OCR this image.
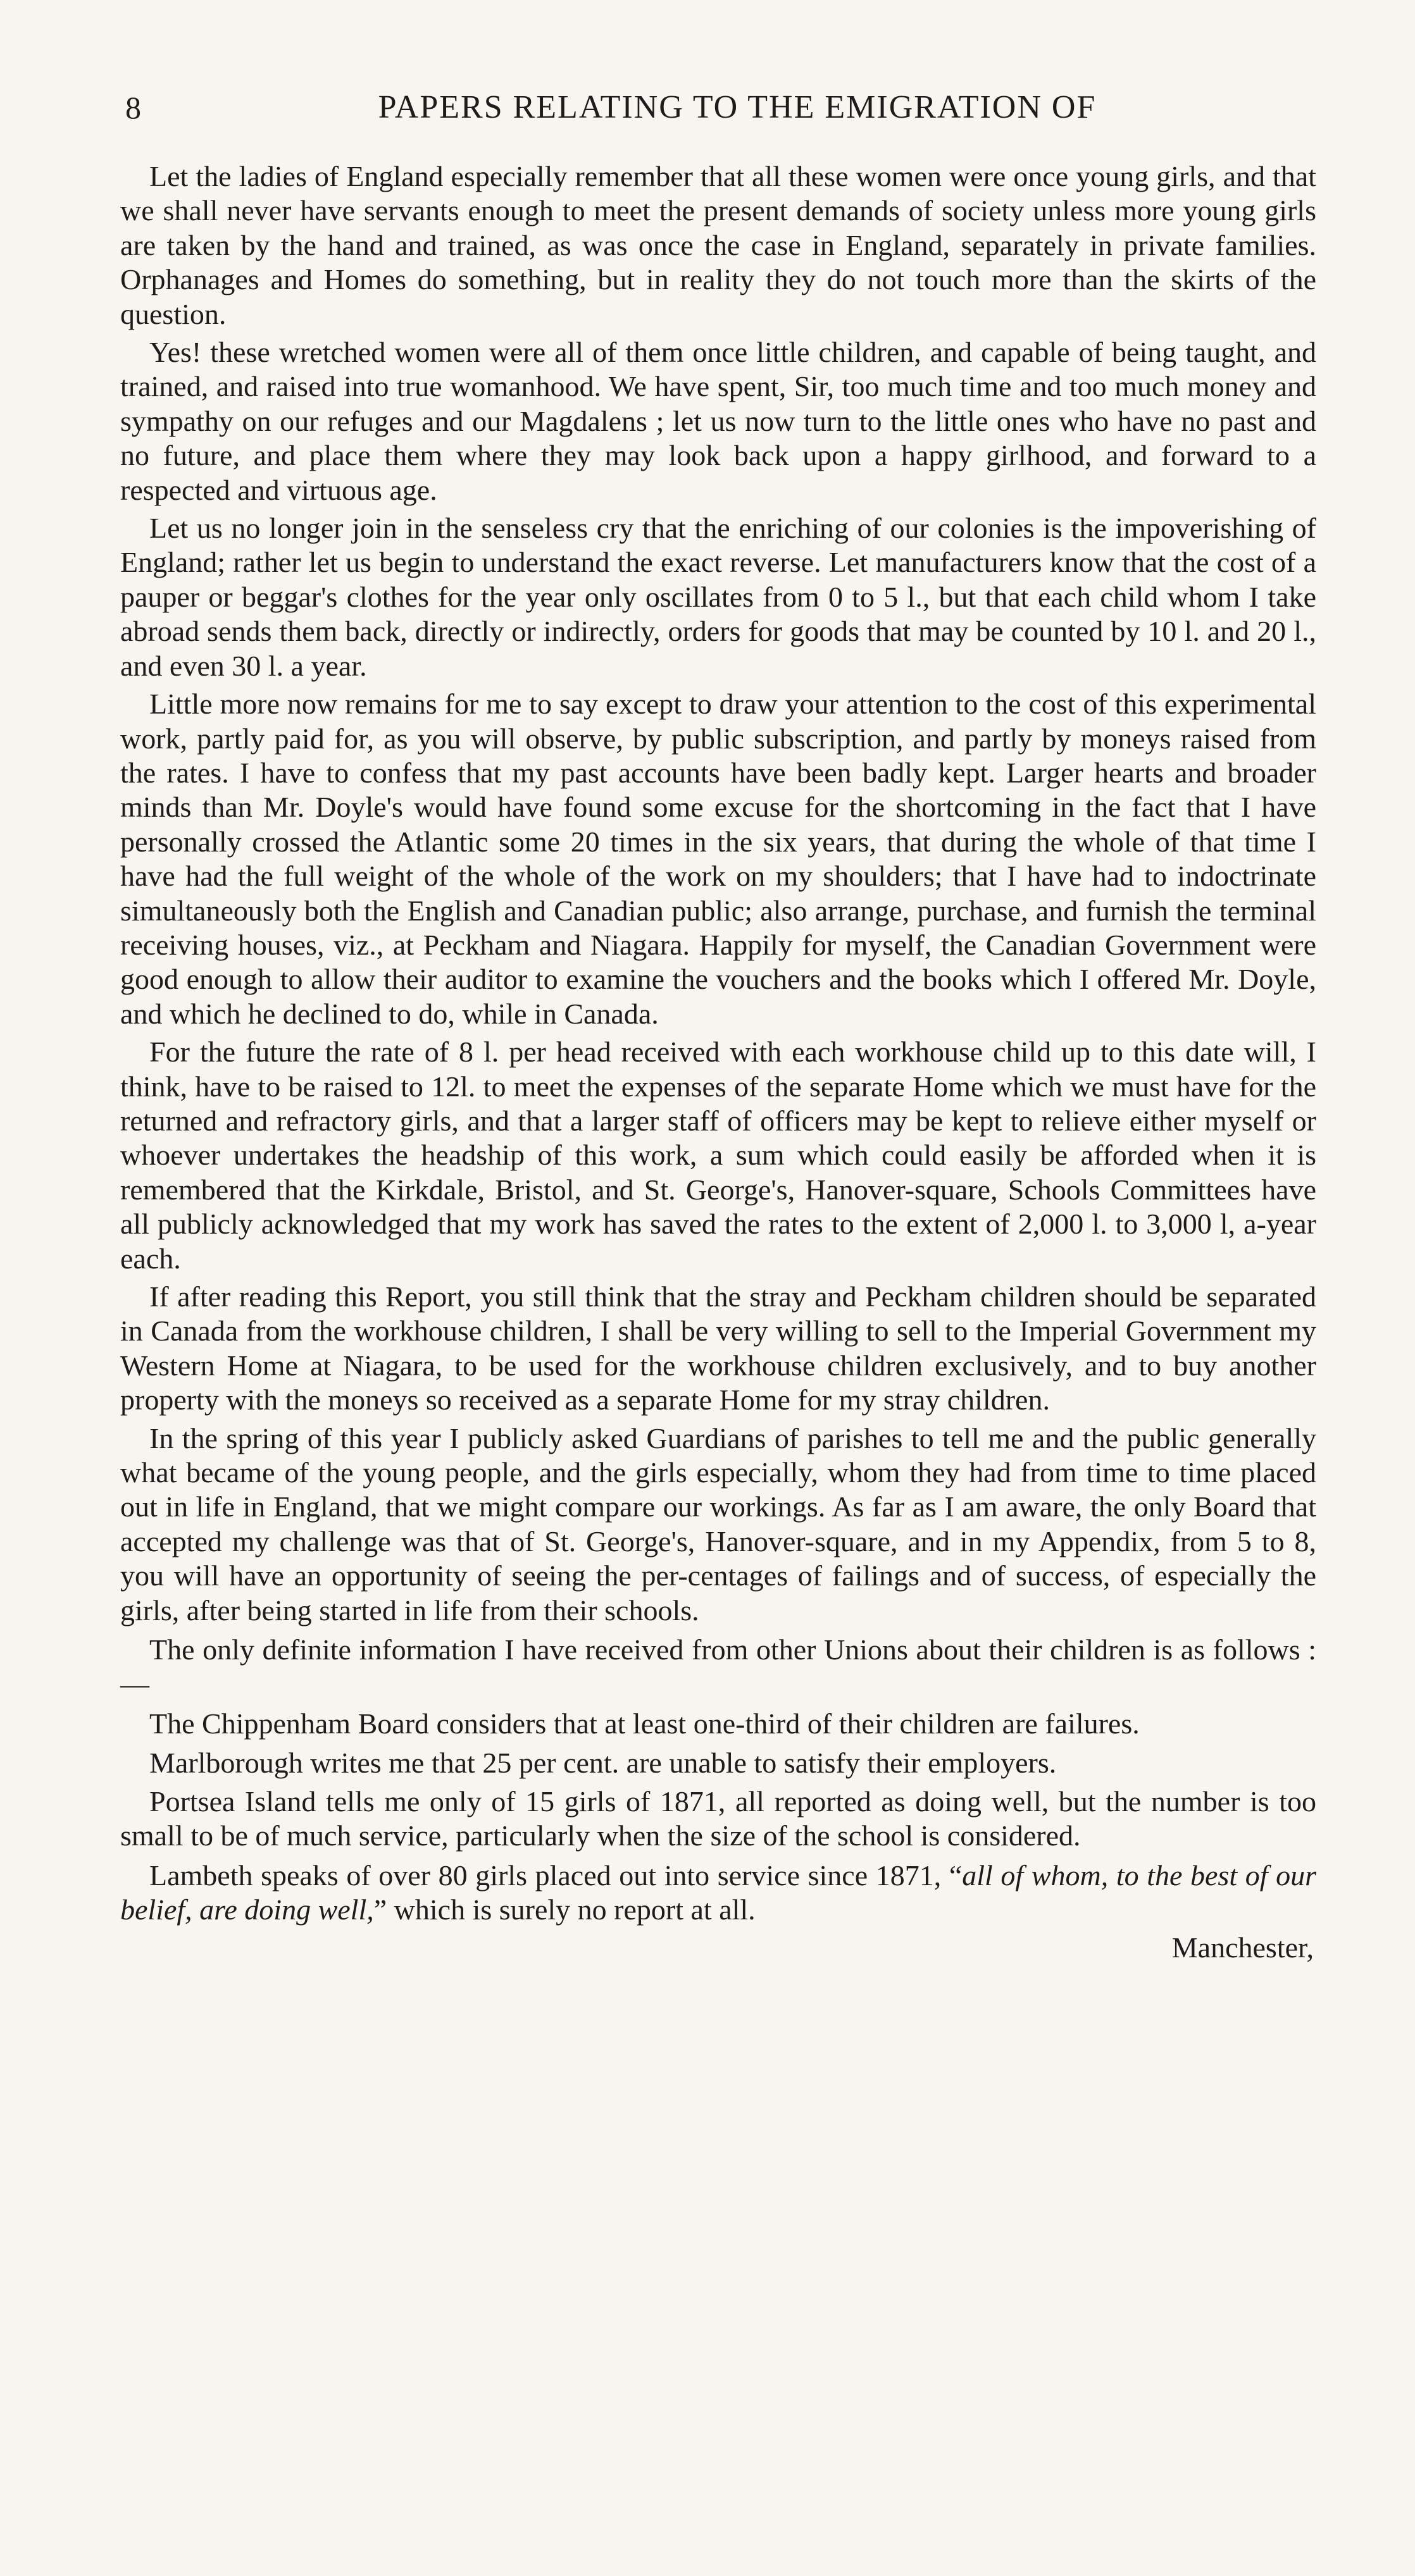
8	PAPERS RELATING TO THE EMIGRATION OF

Let the ladies of England especially remember that all these women were once young girls, and that we shall never have servants enough to meet the present demands of society unless more young girls are taken by the hand and trained, as was once the case in England, separately in private families. Orphanages and Homes do something, but in reality they do not touch more than the skirts of the question.

Yes! these wretched women were all of them once little children, and capable of being taught, and trained, and raised into true womanhood. We have spent, Sir, too much time and too much money and sympathy on our refuges and our Magdalens ; let us now turn to the little ones who have no past and no future, and place them where they may look back upon a happy girlhood, and forward to a respected and virtuous age.

Let us no longer join in the senseless cry that the enriching of our colonies is the impoverishing of England; rather let us begin to understand the exact reverse. Let manufacturers know that the cost of a pauper or beggar's clothes for the year only oscillates from 0 to 5 l., but that each child whom I take abroad sends them back, directly or indirectly, orders for goods that may be counted by 10 l. and 20 l., and even 30 l. a year.

Little more now remains for me to say except to draw your attention to the cost of this experimental work, partly paid for, as you will observe, by public subscription, and partly by moneys raised from the rates. I have to confess that my past accounts have been badly kept. Larger hearts and broader minds than Mr. Doyle's would have found some excuse for the shortcoming in the fact that I have personally crossed the Atlantic some 20 times in the six years, that during the whole of that time I have had the full weight of the whole of the work on my shoulders; that I have had to indoctrinate simultaneously both the English and Canadian public; also arrange, purchase, and furnish the terminal receiving houses, viz., at Peckham and Niagara. Happily for myself, the Canadian Government were good enough to allow their auditor to examine the vouchers and the books which I offered Mr. Doyle, and which he declined to do, while in Canada.

For the future the rate of 8 l. per head received with each workhouse child up to this date will, I think, have to be raised to 12l. to meet the expenses of the separate Home which we must have for the returned and refractory girls, and that a larger staff of officers may be kept to relieve either myself or whoever undertakes the headship of this work, a sum which could easily be afforded when it is remembered that the Kirkdale, Bristol, and St. George's, Hanover-square, Schools Committees have all publicly acknowledged that my work has saved the rates to the extent of 2,000 l. to 3,000 l, a-year each.

If after reading this Report, you still think that the stray and Peckham children should be separated in Canada from the workhouse children, I shall be very willing to sell to the Imperial Government my Western Home at Niagara, to be used for the workhouse children exclusively, and to buy another property with the moneys so received as a separate Home for my stray children.

In the spring of this year I publicly asked Guardians of parishes to tell me and the public generally what became of the young people, and the girls especially, whom they had from time to time placed out in life in England, that we might compare our workings. As far as I am aware, the only Board that accepted my challenge was that of St. George's, Hanover-square, and in my Appendix, from 5 to 8, you will have an opportunity of seeing the per-centages of failings and of success, of especially the girls, after being started in life from their schools.

The only definite information I have received from other Unions about their children is as follows :—

The Chippenham Board considers that at least one-third of their children are failures.

Marlborough writes me that 25 per cent. are unable to satisfy their employers.

Portsea Island tells me only of 15 girls of 1871, all reported as doing well, but the number is too small to be of much service, particularly when the size of the school is considered.

Lambeth speaks of over 80 girls placed out into service since 1871, “all of whom, to the best of our belief, are doing well,” which is surely no report at all.

Manchester,
